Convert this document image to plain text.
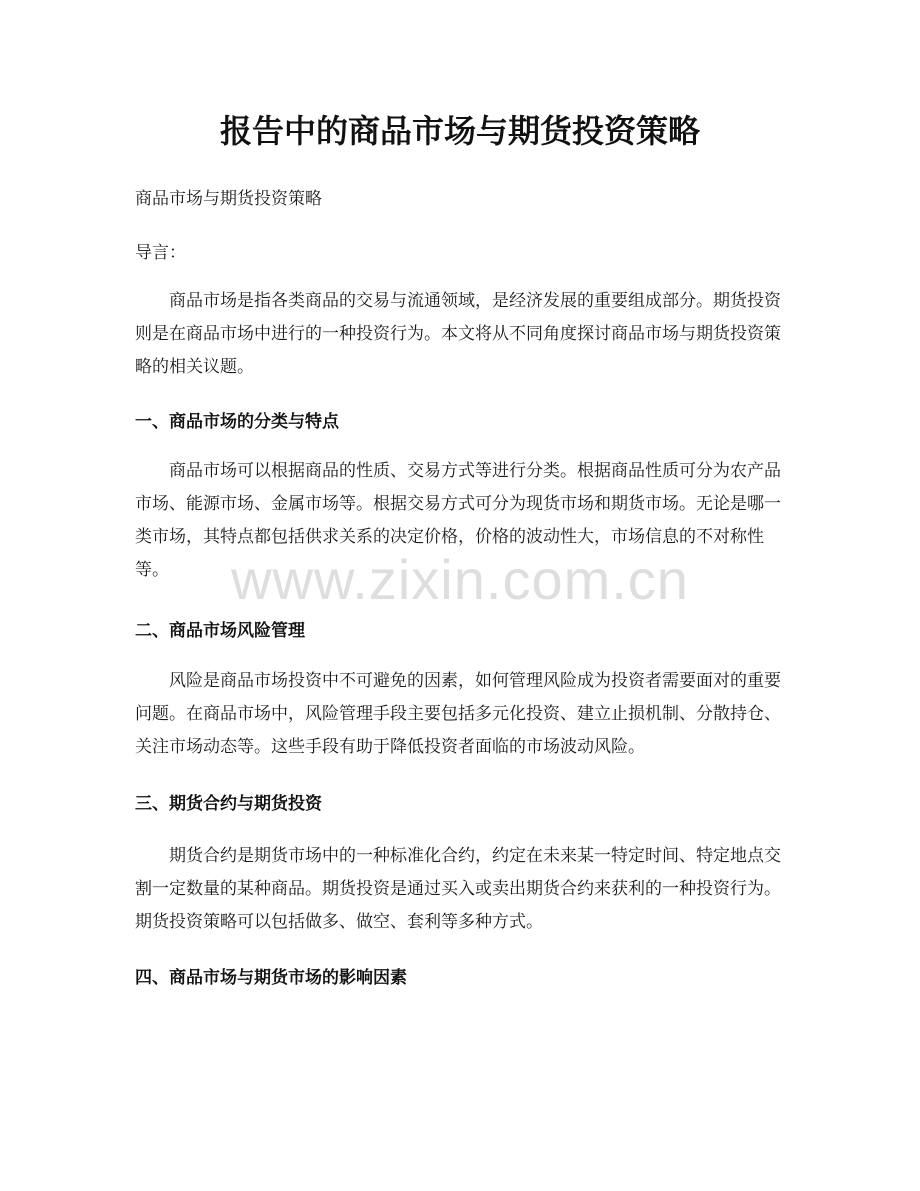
报告中的商品市场与期货投资策略

商品市场与期货投资策略

导言：

商品市场是指各类商品的交易与流通领域，是经济发展的重要组成部分。期货投资则是在商品市场中进行的一种投资行为。本文将从不同角度探讨商品市场与期货投资策略的相关议题。

一、商品市场的分类与特点

商品市场可以根据商品的性质、交易方式等进行分类。根据商品性质可分为农产品市场、能源市场、金属市场等。根据交易方式可分为现货市场和期货市场。无论是哪一类市场，其特点都包括供求关系的决定价格，价格的波动性大，市场信息的不对称性等。

二、商品市场风险管理

风险是商品市场投资中不可避免的因素，如何管理风险成为投资者需要面对的重要问题。在商品市场中，风险管理手段主要包括多元化投资、建立止损机制、分散持仓、关注市场动态等。这些手段有助于降低投资者面临的市场波动风险。

三、期货合约与期货投资

期货合约是期货市场中的一种标准化合约，约定在未来某一特定时间、特定地点交割一定数量的某种商品。期货投资是通过买入或卖出期货合约来获利的一种投资行为。期货投资策略可以包括做多、做空、套利等多种方式。

四、商品市场与期货市场的影响因素
www.zixin.com.cn
